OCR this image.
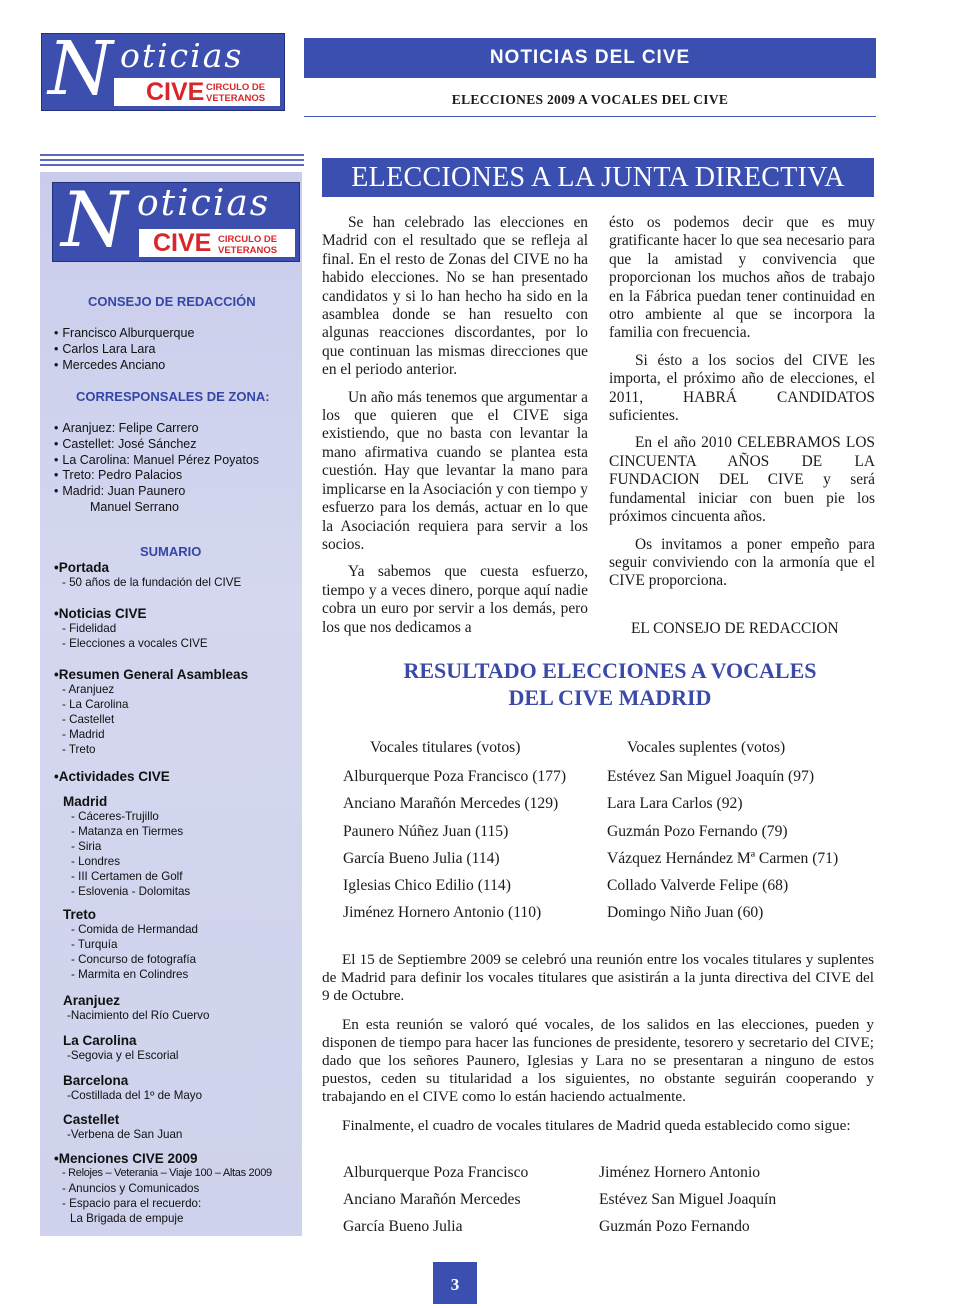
N oticias
CIVE CIRCULO DE
VETERANOS
NOTICIAS DEL CIVE
ELECCIONES 2009 A VOCALES DEL CIVE
N oticias
CIVE CIRCULO DE
VETERANOS
CONSEJO DE REDACCIÓN
• Francisco Alburquerque
• Carlos Lara Lara
• Mercedes Anciano
CORRESPONSALES DE ZONA:
• Aranjuez: Felipe Carrero
• Castellet: José Sánchez
• La Carolina: Manuel Pérez Poyatos
• Treto: Pedro Palacios
• Madrid: Juan Paunero
Manuel Serrano
SUMARIO
• Portada
- 50 años de la fundación del CIVE
• Noticias CIVE
- Fidelidad
- Elecciones a vocales CIVE
• Resumen General Asambleas
- Aranjuez
- La Carolina
- Castellet
- Madrid
- Treto
• Actividades CIVE
Madrid
- Cáceres-Trujillo
- Matanza en Tiermes
- Siria
- Londres
- III Certamen de Golf
- Eslovenia - Dolomitas
Treto
- Comida de Hermandad
- Turquía
- Concurso de fotografía
- Marmita en Colindres
Aranjuez
-Nacimiento del Río Cuervo
La Carolina
-Segovia y el Escorial
Barcelona
-Costillada del 1º de Mayo
Castellet
-Verbena de San Juan
• Menciones CIVE 2009
- Relojes – Veterania – Viaje 100 – Altas 2009
- Anuncios y Comunicados
- Espacio para el recuerdo:
La Brigada de empuje
ELECCIONES A LA JUNTA DIRECTIVA

Se han celebrado las elecciones en Madrid con el resultado que se refleja al final. En el resto de Zonas del CIVE no ha habido elecciones. No se han presentado candidatos y si lo han hecho ha sido en la asamblea donde se han resuelto con algunas reacciones discordantes, por lo que continuan las mismas direcciones que en el periodo anterior.

Un año más tenemos que argumentar a los que quieren que el CIVE siga existiendo, que no basta con levantar la mano afirmativa cuando se plantea esta cuestión. Hay que levantar la mano para implicarse en la Asociación y con tiempo y esfuerzo para los demás, actuar en lo que la Asociación requiera para servir a los socios.

Ya sabemos que cuesta esfuerzo, tiempo y a veces dinero, porque aquí nadie cobra un euro por servir a los demás, pero los que nos dedicamos a

ésto os podemos decir que es muy gratificante hacer lo que sea necesario para que la amistad y convivencia que proporcionan los muchos años de trabajo en la Fábrica puedan tener continuidad en otro ambiente al que se incorpora la familia con frecuencia.

Si ésto a los socios del CIVE les importa, el próximo año de elecciones, el 2011, HABRÁ CANDIDATOS suficientes.

En el año 2010 CELEBRAMOS LOS CINCUENTA AÑOS DE LA FUNDACION DEL CIVE y será fundamental iniciar con buen pie los próximos cincuenta años.

Os invitamos a poner empeño para seguir conviviendo con la armonía que el CIVE proporciona.

EL CONSEJO DE REDACCION
RESULTADO ELECCIONES A VOCALES
DEL CIVE MADRID
Vocales titulares (votos)	Vocales suplentes (votos)
Alburquerque Poza Francisco (177)
Anciano Marañón Mercedes (129)
Paunero Núñez Juan (115)
García Bueno Julia (114)
Iglesias Chico Edilio (114)
Jiménez Hornero Antonio (110)
Estévez San Miguel Joaquín (97)
Lara Lara Carlos (92)
Guzmán Pozo Fernando (79)
Vázquez Hernández Mª Carmen (71)
Collado Valverde Felipe (68)
Domingo Niño Juan (60)
El 15 de Septiembre 2009 se celebró una reunión entre los vocales titulares y suplentes de Madrid para definir los vocales titulares que asistirán a la junta directiva del CIVE del 9 de Octubre.
En esta reunión se valoró qué vocales, de los salidos en las elecciones, pueden y disponen de tiempo para hacer las funciones de presidente, tesorero y secretario del CIVE; dado que los señores Paunero, Iglesias y Lara no se presentaran a ninguno de estos puestos, ceden su titularidad a los siguientes, no obstante seguirán cooperando y trabajando en el CIVE como lo están haciendo actualmente.
Finalmente, el cuadro de vocales titulares de Madrid queda establecido como sigue:
Alburquerque Poza Francisco
Anciano Marañón Mercedes
García Bueno Julia
Jiménez Hornero Antonio
Estévez San Miguel Joaquín
Guzmán Pozo Fernando
3
